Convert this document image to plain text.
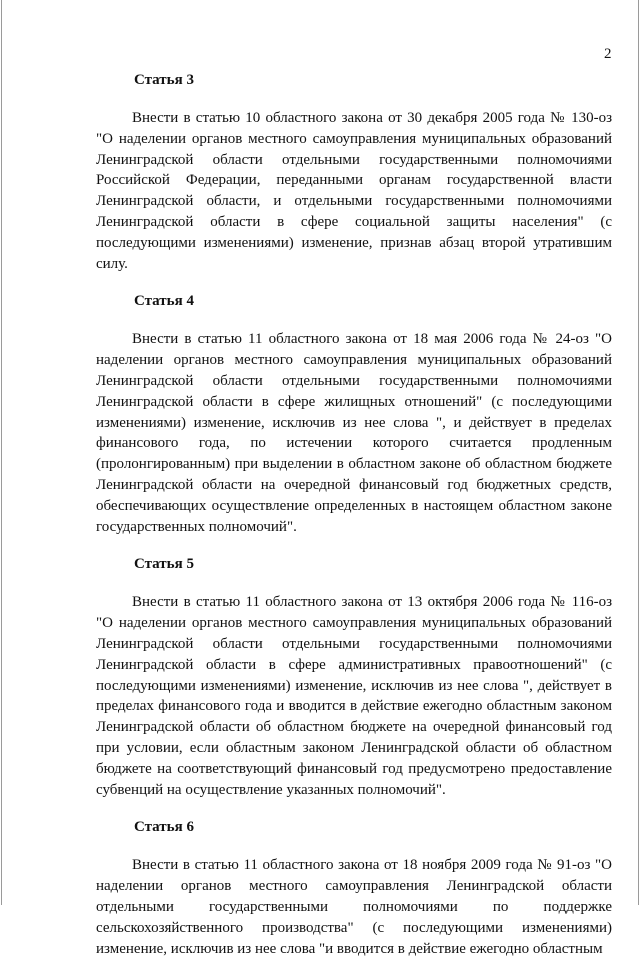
2

Статья 3

Внести в статью 10 областного закона от 30 декабря 2005 года № 130-оз "О наделении органов местного самоуправления муниципальных образований Ленинградской области отдельными государственными полномочиями Российской Федерации, переданными органам государственной власти Ленинградской области, и отдельными государственными полномочиями Ленинградской области в сфере социальной защиты населения" (с последующими изменениями) изменение, признав абзац второй утратившим силу.

Статья 4

Внести в статью 11 областного закона от 18 мая 2006 года № 24-оз "О наделении органов местного самоуправления муниципальных образований Ленинградской области отдельными государственными полномочиями Ленинградской области в сфере жилищных отношений" (с последующими изменениями) изменение, исключив из нее слова ", и действует в пределах финансового года, по истечении которого считается продленным (пролонгированным) при выделении в областном законе об областном бюджете Ленинградской области на очередной финансовый год бюджетных средств, обеспечивающих осуществление определенных в настоящем областном законе государственных полномочий".

Статья 5

Внести в статью 11 областного закона от 13 октября 2006 года № 116-оз "О наделении органов местного самоуправления муниципальных образований Ленинградской области отдельными государственными полномочиями Ленинградской области в сфере административных правоотношений" (с последующими изменениями) изменение, исключив из нее слова ", действует в пределах финансового года и вводится в действие ежегодно областным законом Ленинградской области об областном бюджете на очередной финансовый год при условии, если областным законом Ленинградской области об областном бюджете на соответствующий финансовый год предусмотрено предоставление субвенций на осуществление указанных полномочий".

Статья 6

Внести в статью 11 областного закона от 18 ноября 2009 года № 91-оз "О наделении органов местного самоуправления Ленинградской области отдельными государственными полномочиями по поддержке сельскохозяйственного производства" (с последующими изменениями) изменение, исключив из нее слова "и вводится в действие ежегодно областным
